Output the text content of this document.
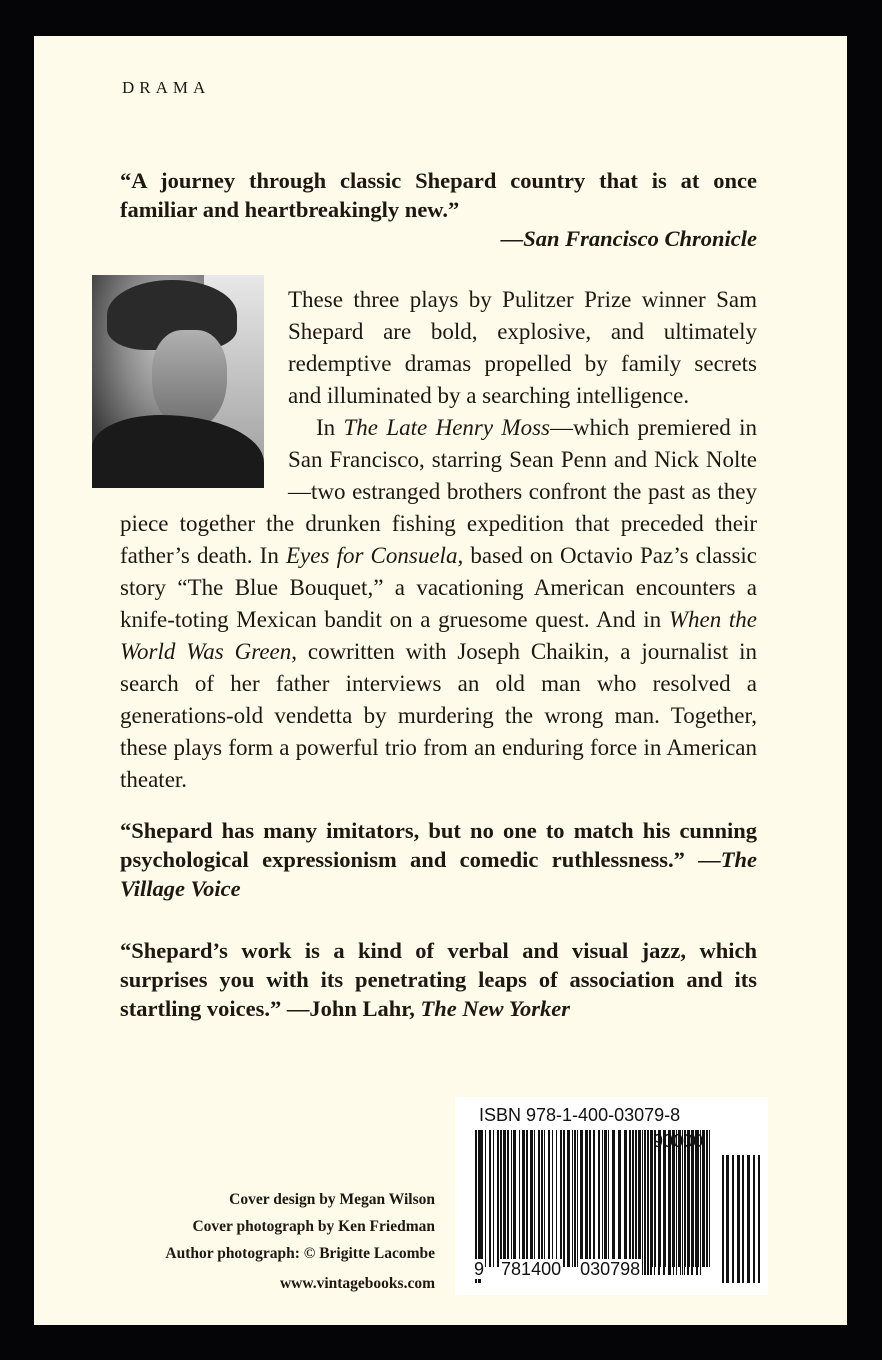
DRAMA
“A journey through classic Shepard country that is at once familiar and heartbreakingly new.”
—San Francisco Chronicle

These three plays by Pulitzer Prize winner Sam Shepard are bold, explosive, and ultimately redemptive dramas propelled by family secrets and illuminated by a searching intelligence.

In The Late Henry Moss—which premiered in San Francisco, starring Sean Penn and Nick Nolte—two estranged brothers confront the past as they piece together the drunken fishing expedition that preceded their father’s death. In Eyes for Consuela, based on Octavio Paz’s classic story “The Blue Bouquet,” a vacationing American encounters a knife-toting Mexican bandit on a gruesome quest. And in When the World Was Green, cowritten with Joseph Chaikin, a journalist in search of her father interviews an old man who resolved a generations-old vendetta by murdering the wrong man. Together, these plays form a powerful trio from an enduring force in American theater.

“Shepard has many imitators, but no one to match his cunning psychological expressionism and comedic ruthlessness.” —The Village Voice
“Shepard’s work is a kind of verbal and visual jazz, which surprises you with its penetrating leaps of association and its startling voices.” —John Lahr, The New Yorker
Cover design by Megan Wilson
Cover photograph by Ken Friedman
Author photograph: © Brigitte Lacombe
www.vintagebooks.com
ISBN 978-1-400-03079-8
90000
9 781400 030798
